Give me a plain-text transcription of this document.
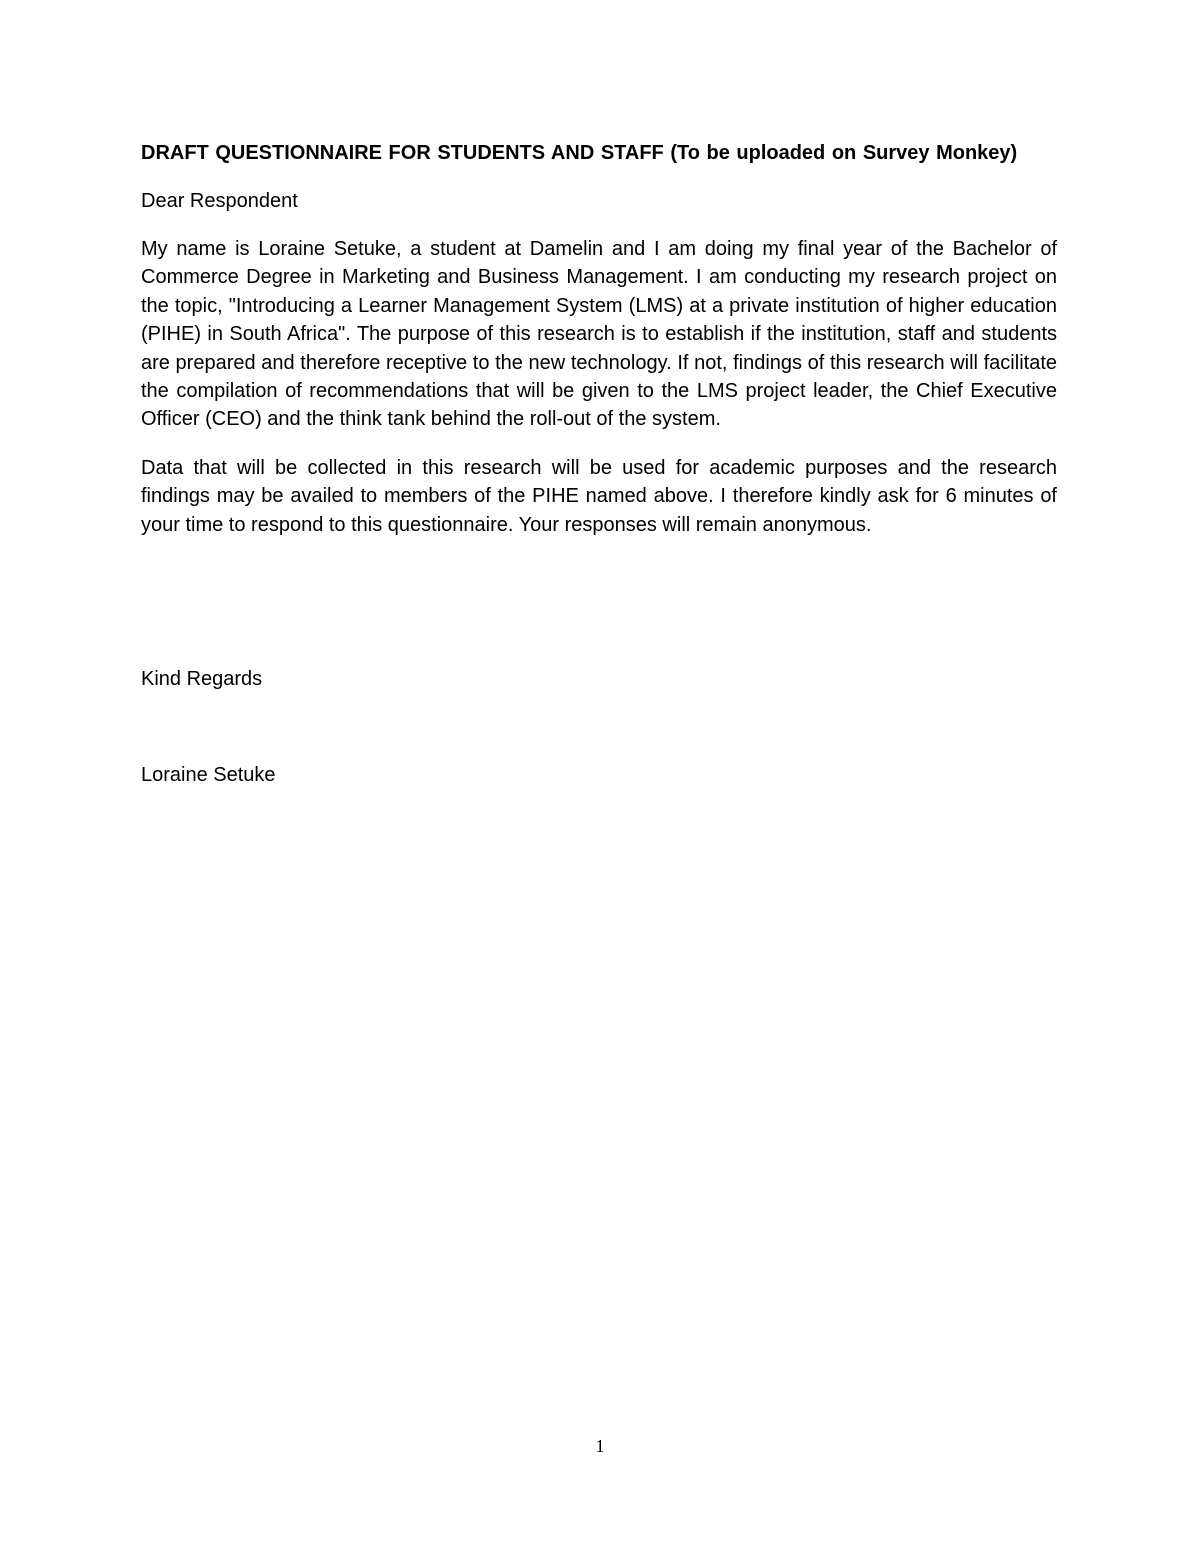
DRAFT QUESTIONNAIRE FOR STUDENTS AND STAFF (To be uploaded on Survey Monkey)

Dear Respondent

My name is Loraine Setuke, a student at Damelin and I am doing my final year of the Bachelor of Commerce Degree in Marketing and Business Management. I am conducting my research project on the topic, "Introducing a Learner Management System (LMS) at a private institution of higher education (PIHE) in South Africa". The purpose of this research is to establish if the institution, staff and students are prepared and therefore receptive to the new technology. If not, findings of this research will facilitate the compilation of recommendations that will be given to the LMS project leader, the Chief Executive Officer (CEO) and the think tank behind the roll-out of the system.

Data that will be collected in this research will be used for academic purposes and the research findings may be availed to members of the PIHE named above. I therefore kindly ask for 6 minutes of your time to respond to this questionnaire. Your responses will remain anonymous.

Kind Regards

Loraine Setuke

1
